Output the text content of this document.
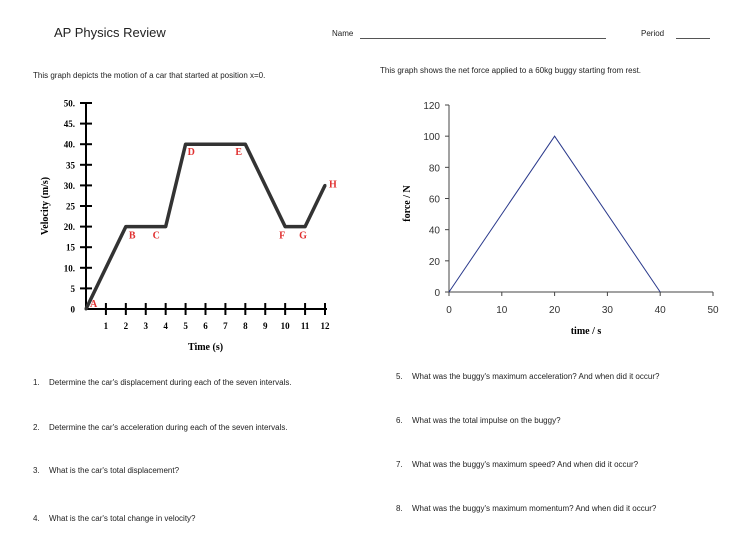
AP Physics Review	Name	Period
This graph depicts the motion of a car that started at position x=0.
This graph shows the net force applied to a 60kg buggy starting from rest.
0
5
10.
15
20.
25
30.
35
40.
45.
50.
1 2 3 4 5 6 7 8 9 10 11 12
Time (s)
Velocity (m/s)
A
B C
D	E
F G
H
0
20
40
60
80
100
120
0	10	20	30	40	50
time / s
force / N
1. Determine the car's displacement during each of the seven intervals.
2. Determine the car's acceleration during each of the seven intervals.
3. What is the car's total displacement?
4. What is the car's total change in velocity?
5. What was the buggy's maximum acceleration? And when did it occur?
6. What was the total impulse on the buggy?
7. What was the buggy's maximum speed? And when did it occur?
8. What was the buggy's maximum momentum? And when did it occur?
